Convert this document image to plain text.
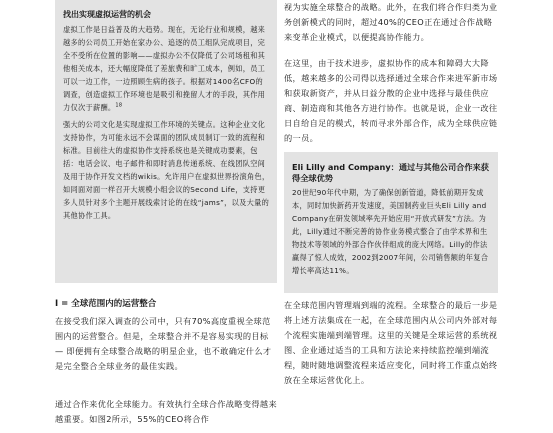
找出实现虚拟运营的机会

虚拟工作是日益普及的大趋势。现在，无论行业和规模，越来越多的公司员工开始在家办公、追逐的员工组队完成项目，完全不受所在位置的影响——虚拟办公不仅降低了公司场租和其他相关成本，还大幅度降低了差旅费和旷工成本，例如，员工可以一边工作，一边照顾生病的孩子。根据对1400名CFO的调查，创造虚拟工作环境也是吸引和挽留人才的手段，其作用力仅次于薪酬。$^{18}$

强大的公司文化是实现虚拟工作环境的关键点。这种企业文化支持协作，为可能永远不会谋面的团队成员制订一致的流程和标准。目前往大的虚拟协作支持系统也是关键成功要素，包括：电话会议、电子邮件和即时消息传递系统、在线团队空间及用于协作开发文档的wikis。允许用户在虚拟世界扮演角色，如同面对面一样召开大规模小组会议的Second Life，支持更多人员针对多个主题开展线索讨论的在线“jams”，以及大量的其他协作工具。

I = 全球范围内的运营整合

在接受我们深入调查的公司中，只有70%高度重视全球范围内的运营整合。但是，全球整合并不是容易实现的目标 — 即便拥有全球整合战略的明星企业，也不敢确定什么才是完全整合全球业务的最佳实践。

通过合作来优化全球能力。有效执行全球合作战略变得越来越重要。如图2所示，55%的CEO将合作

视为实施全球整合的战略。此外，在我们将合作归类为业务创新模式的同时，超过40%的CEO正在通过合作战略来变革企业模式，以便提高协作能力。

在这里，由于技术进步，虚拟协作的成本和障碍大大降低，越来越多的公司得以选择通过全球合作来进军新市场和获取新资产，并从日益分散的企业中选择与最佳供应商、制造商和其他各方进行协作。也就是说，企业一改往日自给自足的模式，转而寻求外部合作，成为全球供应链的一员。

Eli Lilly and Company：通过与其他公司合作来获得全球优势

20世纪90年代中期，为了确保创新管道，降低前期开发成本，同时加快新药开发速度，美国制药业巨头Eli Lilly and Company在研发领域率先开始应用“开放式研发”方法。为此，Lilly通过不断完善的协作业务模式整合了由学术界和生物技术等领域的外部合作伙伴组成的庞大网络。Lilly的作法赢得了惊人成效，2002到2007年间，公司销售额的年复合增长率高达11%。

在全球范围内管理端到端的流程。全球整合的最后一步是将上述方法集成在一起，在全球范围内从公司内外部对每个流程实施端到端管理。这里的关键是全球运营的系统视图、企业通过适当的工具和方法论来持续监控端到端流程，随时随地调整流程来适应变化，同时将工作重点始终放在全球运营优化上。
